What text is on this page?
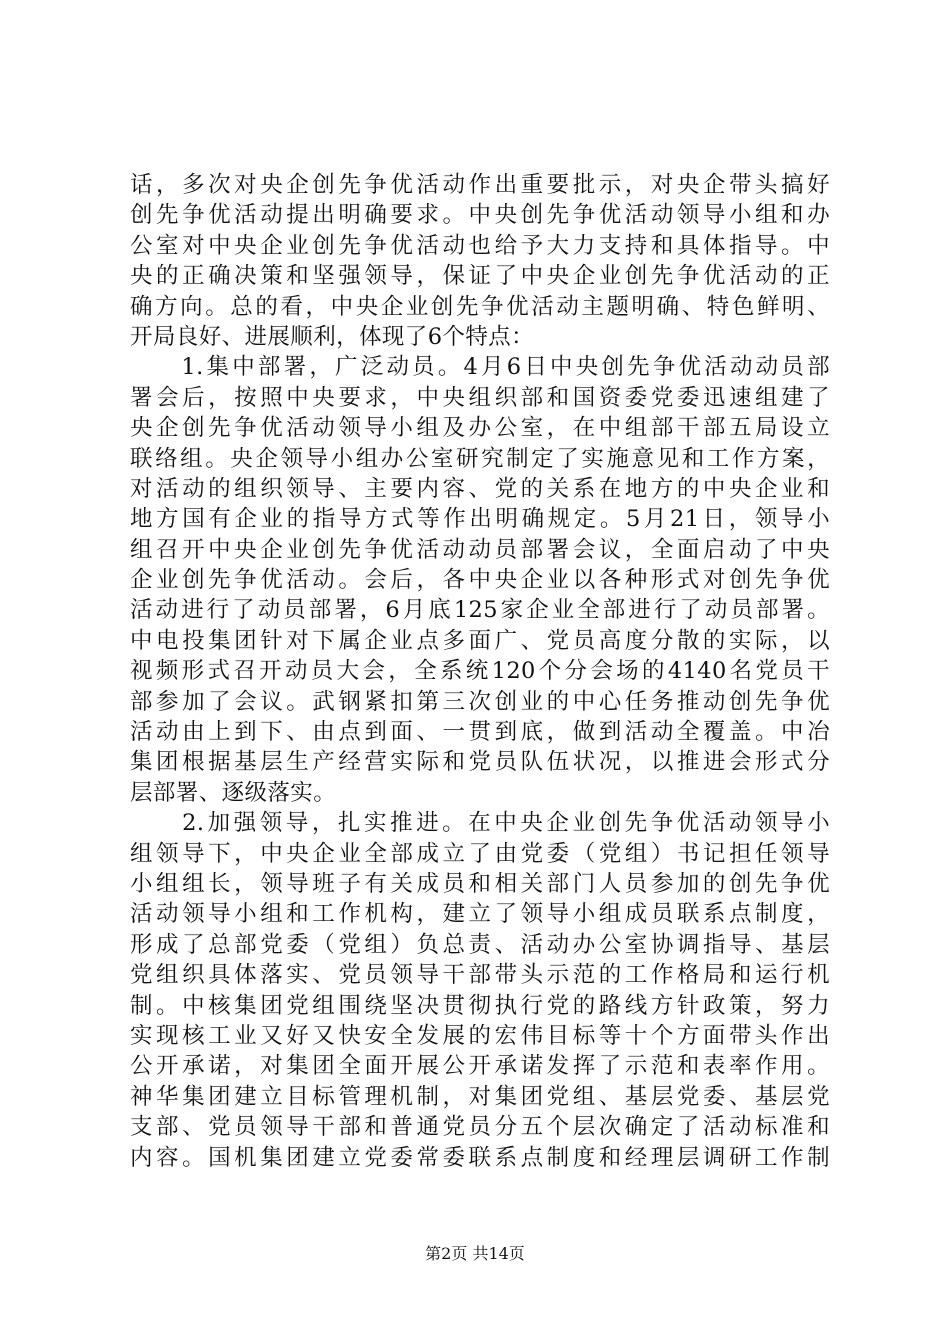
话，多次对央企创先争优活动作出重要批示，对央企带头搞好
创先争优活动提出明确要求。中央创先争优活动领导小组和办
公室对中央企业创先争优活动也给予大力支持和具体指导。中
央的正确决策和坚强领导，保证了中央企业创先争优活动的正
确方向。总的看，中央企业创先争优活动主题明确、特色鲜明、
开局良好、进展顺利，体现了6个特点：
　　1.集中部署，广泛动员。4月6日中央创先争优活动动员部
署会后，按照中央要求，中央组织部和国资委党委迅速组建了
央企创先争优活动领导小组及办公室，在中组部干部五局设立
联络组。央企领导小组办公室研究制定了实施意见和工作方案，
对活动的组织领导、主要内容、党的关系在地方的中央企业和
地方国有企业的指导方式等作出明确规定。5月21日，领导小
组召开中央企业创先争优活动动员部署会议，全面启动了中央
企业创先争优活动。会后，各中央企业以各种形式对创先争优
活动进行了动员部署，6月底125家企业全部进行了动员部署。
中电投集团针对下属企业点多面广、党员高度分散的实际，以
视频形式召开动员大会，全系统120个分会场的4140名党员干
部参加了会议。武钢紧扣第三次创业的中心任务推动创先争优
活动由上到下、由点到面、一贯到底，做到活动全覆盖。中冶
集团根据基层生产经营实际和党员队伍状况，以推进会形式分
层部署、逐级落实。
　　2.加强领导，扎实推进。在中央企业创先争优活动领导小
组领导下，中央企业全部成立了由党委（党组）书记担任领导
小组组长，领导班子有关成员和相关部门人员参加的创先争优
活动领导小组和工作机构，建立了领导小组成员联系点制度，
形成了总部党委（党组）负总责、活动办公室协调指导、基层
党组织具体落实、党员领导干部带头示范的工作格局和运行机
制。中核集团党组围绕坚决贯彻执行党的路线方针政策，努力
实现核工业又好又快安全发展的宏伟目标等十个方面带头作出
公开承诺，对集团全面开展公开承诺发挥了示范和表率作用。
神华集团建立目标管理机制，对集团党组、基层党委、基层党
支部、党员领导干部和普通党员分五个层次确定了活动标准和
内容。国机集团建立党委常委联系点制度和经理层调研工作制
第2页 共14页
